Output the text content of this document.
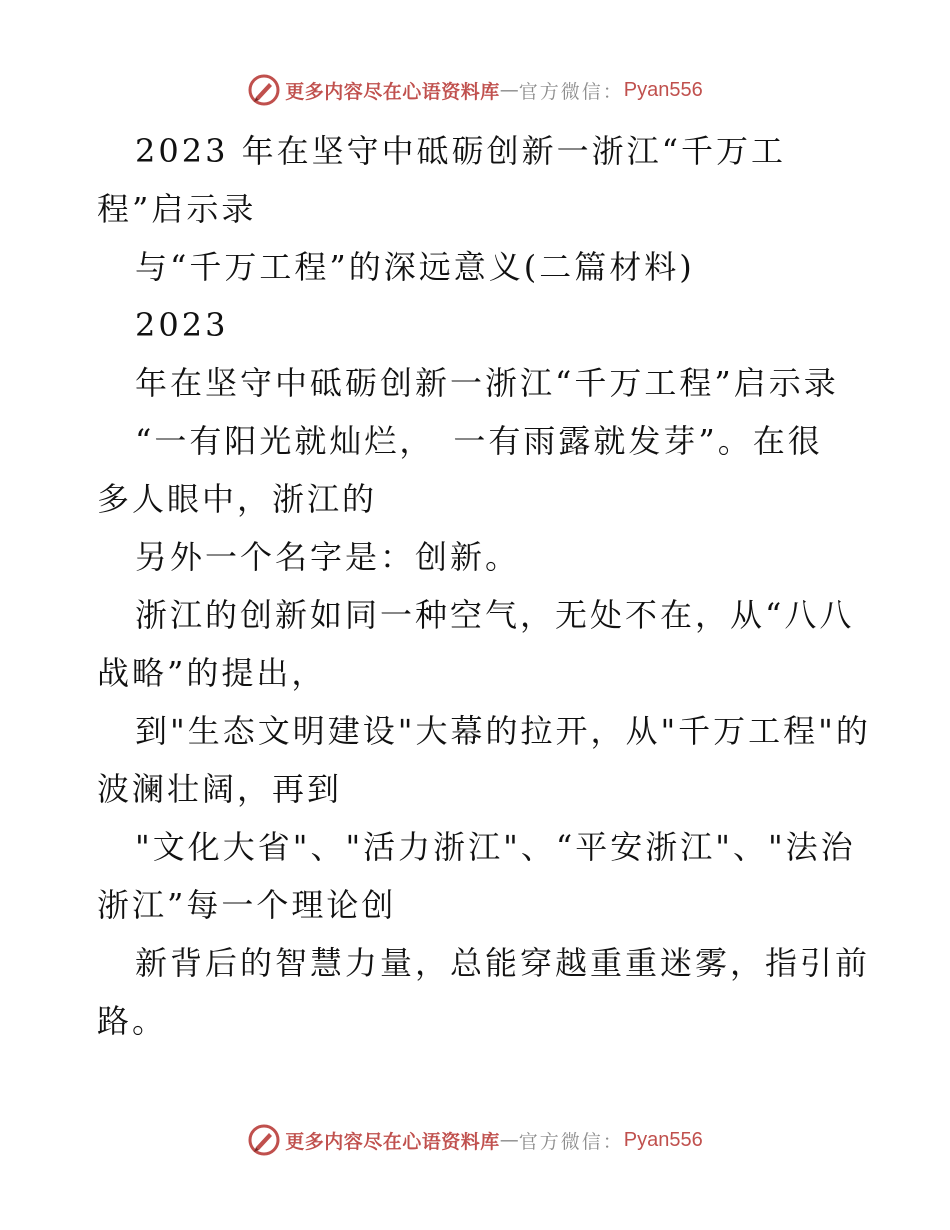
更多内容尽在心语资料库 — 官方微信： Pyan556
2023 年在坚守中砥砺创新一浙江“千万工
程”启示录
与“千万工程”的深远意义(二篇材料)
2023
年在坚守中砥砺创新一浙江“千万工程”启示录
“一有阳光就灿烂，　一有雨露就发芽”。在很
多人眼中，浙江的
另外一个名字是：创新。
浙江的创新如同一种空气，无处不在，从“八八
战略”的提出，
到"生态文明建设"大幕的拉开，从"千万工程"的
波澜壮阔，再到
"文化大省"、"活力浙江"、“平安浙江"、"法治
浙江”每一个理论创
新背后的智慧力量，总能穿越重重迷雾，指引前
路。
更多内容尽在心语资料库 — 官方微信： Pyan556
